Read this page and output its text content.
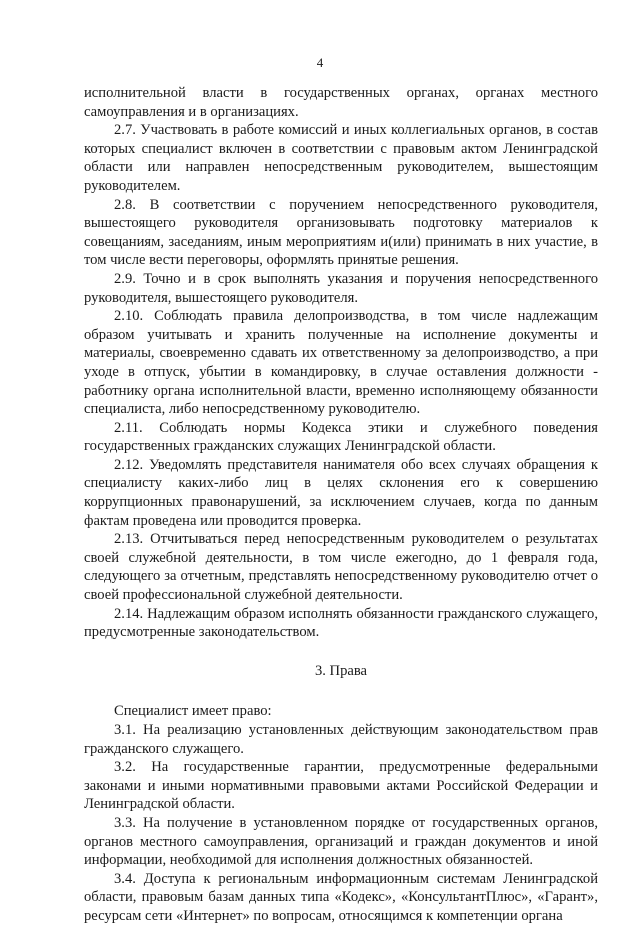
4

исполнительной власти в государственных органах, органах местного самоуправления и в организациях.

2.7. Участвовать в работе комиссий и иных коллегиальных органов, в состав которых специалист включен в соответствии с правовым актом Ленинградской области или направлен непосредственным руководителем, вышестоящим руководителем.

2.8. В соответствии с поручением непосредственного руководителя, вышестоящего руководителя организовывать подготовку материалов к совещаниям, заседаниям, иным мероприятиям и(или) принимать в них участие, в том числе вести переговоры, оформлять принятые решения.

2.9. Точно и в срок выполнять указания и поручения непосредственного руководителя, вышестоящего руководителя.

2.10. Соблюдать правила делопроизводства, в том числе надлежащим образом учитывать и хранить полученные на исполнение документы и материалы, своевременно сдавать их ответственному за делопроизводство, а при уходе в отпуск, убытии в командировку, в случае оставления должности - работнику органа исполнительной власти, временно исполняющему обязанности специалиста, либо непосредственному руководителю.

2.11. Соблюдать нормы Кодекса этики и служебного поведения государственных гражданских служащих Ленинградской области.

2.12. Уведомлять представителя нанимателя обо всех случаях обращения к специалисту каких-либо лиц в целях склонения его к совершению коррупционных правонарушений, за исключением случаев, когда по данным фактам проведена или проводится проверка.

2.13. Отчитываться перед непосредственным руководителем о результатах своей служебной деятельности, в том числе ежегодно, до 1 февраля года, следующего за отчетным, представлять непосредственному руководителю отчет о своей профессиональной служебной деятельности.

2.14. Надлежащим образом исполнять обязанности гражданского служащего, предусмотренные законодательством.

3. Права

Специалист имеет право:

3.1. На реализацию установленных действующим законодательством прав гражданского служащего.

3.2. На государственные гарантии, предусмотренные федеральными законами и иными нормативными правовыми актами Российской Федерации и Ленинградской области.

3.3. На получение в установленном порядке от государственных органов, органов местного самоуправления, организаций и граждан документов и иной информации, необходимой для исполнения должностных обязанностей.

3.4. Доступа к региональным информационным системам Ленинградской области, правовым базам данных типа «Кодекс», «КонсультантПлюс», «Гарант», ресурсам сети «Интернет» по вопросам, относящимся к компетенции органа
